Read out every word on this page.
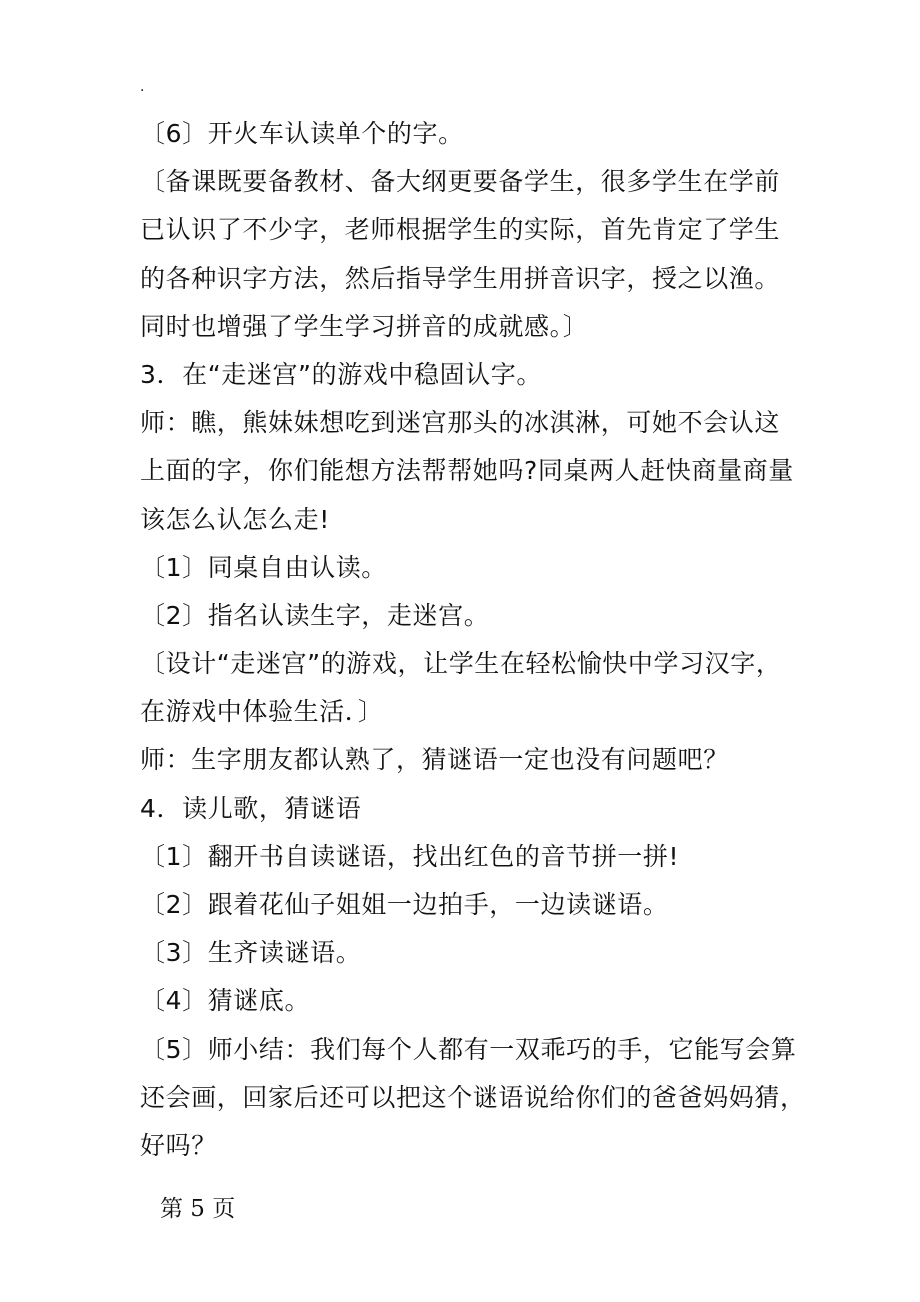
.
〔6〕开火车认读单个的字。
〔备课既要备教材、备大纲更要备学生，很多学生在学前
已认识了不少字，老师根据学生的实际，首先肯定了学生
的各种识字方法，然后指导学生用拼音识字，授之以渔。
同时也增强了学生学习拼音的成就感。〕
3．在“走迷宫”的游戏中稳固认字。
师：瞧，熊妹妹想吃到迷宫那头的冰淇淋，可她不会认这
上面的字，你们能想方法帮帮她吗?同桌两人赶快商量商量
该怎么认怎么走!
〔1〕同桌自由认读。
〔2〕指名认读生字，走迷宫。
〔设计“走迷宫”的游戏，让学生在轻松愉快中学习汉字，
在游戏中体验生活．〕
师：生字朋友都认熟了，猜谜语一定也没有问题吧？
4．读儿歌，猜谜语
〔1〕翻开书自读谜语，找出红色的音节拼一拼!
〔2〕跟着花仙子姐姐一边拍手，一边读谜语。
〔3〕生齐读谜语。
〔4〕猜谜底。
〔5〕师小结：我们每个人都有一双乖巧的手，它能写会算
还会画，回家后还可以把这个谜语说给你们的爸爸妈妈猜，
好吗？
第 5 页
